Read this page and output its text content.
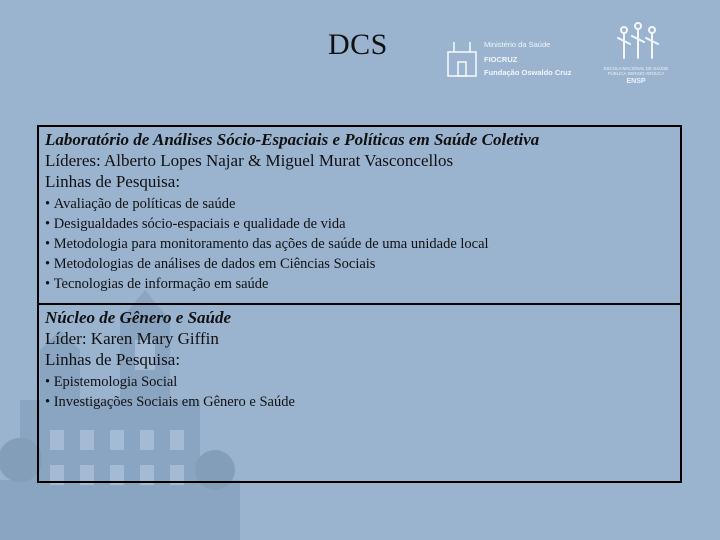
DCS	Ministério da Saúde
FIOCRUZ
Fundação Oswaldo Cruz	ESCOLA NACIONAL DE SAÚDE PÚBLICA SERGIO AROUCA
ENSP
Laboratório de Análises Sócio-Espaciais e Políticas em Saúde Coletiva
Líderes: Alberto Lopes Najar & Miguel Murat Vasconcellos
Linhas de Pesquisa:
• Avaliação de políticas de saúde
• Desigualdades sócio-espaciais e qualidade de vida
• Metodologia para monitoramento das ações de saúde de uma unidade local
• Metodologias de análises de dados em Ciências Sociais
• Tecnologias de informação em saúde
Núcleo de Gênero e Saúde
Líder: Karen Mary Giffin
Linhas de Pesquisa:
• Epistemologia Social
• Investigações Sociais em Gênero e Saúde
